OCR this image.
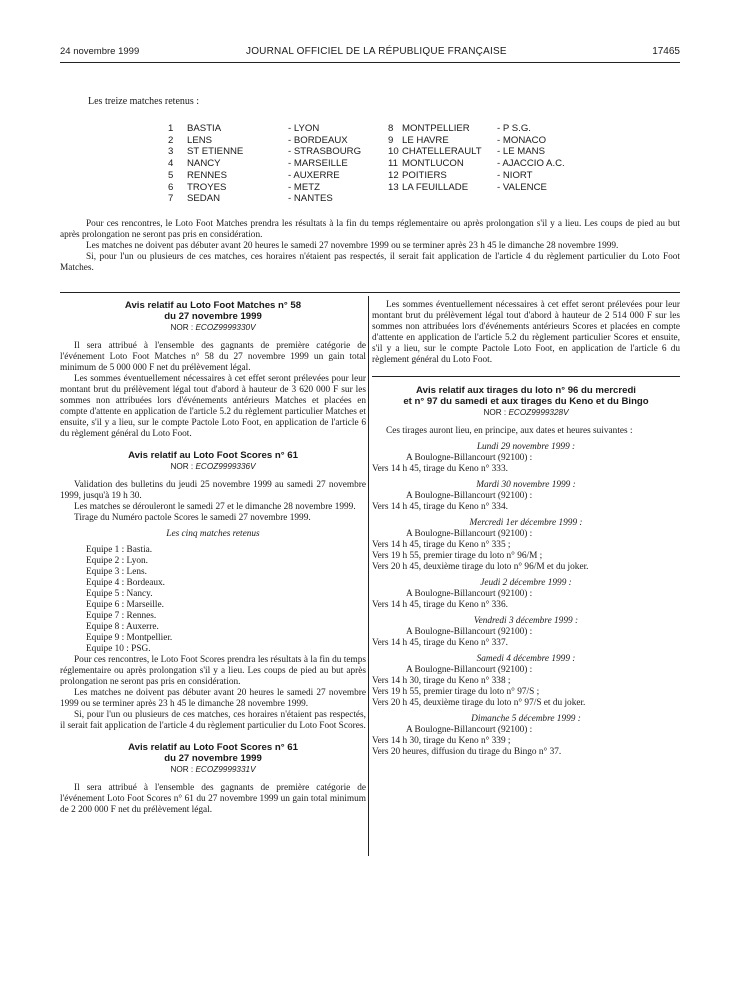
24 novembre 1999	JOURNAL OFFICIEL DE LA RÉPUBLIQUE FRANÇAISE	17465
Les treize matches retenus :
1
2
3
4
5
6
7
BASTIA
LENS
ST ETIENNE
NANCY
RENNES
TROYES
SEDAN
- LYON
- BORDEAUX
- STRASBOURG
- MARSEILLE
- AUXERRE
- METZ
- NANTES
8
9
10
11
12
13
MONTPELLIER
LE HAVRE
CHATELLERAULT
MONTLUCON
POITIERS
LA FEUILLADE
- P S.G.
- MONACO
- LE MANS
- AJACCIO A.C.
- NIORT
- VALENCE

Pour ces rencontres, le Loto Foot Matches prendra les résultats à la fin du temps réglementaire ou après prolongation s'il y a lieu. Les coups de pied au but après prolongation ne seront pas pris en considération.

Les matches ne doivent pas débuter avant 20 heures le samedi 27 novembre 1999 ou se terminer après 23 h 45 le dimanche 28 novembre 1999.

Si, pour l'un ou plusieurs de ces matches, ces horaires n'étaient pas respectés, il serait fait application de l'article 4 du règlement particulier du Loto Foot Matches.

Avis relatif au Loto Foot Matches n° 58
du 27 novembre 1999
NOR : ECOZ9999330V

Il sera attribué à l'ensemble des gagnants de première catégorie de l'événement Loto Foot Matches n° 58 du 27 novembre 1999 un gain total minimum de 5 000 000 F net du prélèvement légal.

Les sommes éventuellement nécessaires à cet effet seront prélevées pour leur montant brut du prélèvement légal tout d'abord à hauteur de 3 620 000 F sur les sommes non attribuées lors d'événements antérieurs Matches et placées en compte d'attente en application de l'article 5.2 du règlement particulier Matches et ensuite, s'il y a lieu, sur le compte Pactole Loto Foot, en application de l'article 6 du règlement général du Loto Foot.

Avis relatif au Loto Foot Scores n° 61
NOR : ECOZ9999336V

Validation des bulletins du jeudi 25 novembre 1999 au samedi 27 novembre 1999, jusqu'à 19 h 30.

Les matches se dérouleront le samedi 27 et le dimanche 28 novembre 1999.

Tirage du Numéro pactole Scores le samedi 27 novembre 1999.

Les cinq matches retenus
Equipe 1 : Bastia.
Equipe 2 : Lyon.
Equipe 3 : Lens.
Equipe 4 : Bordeaux.
Equipe 5 : Nancy.
Equipe 6 : Marseille.
Equipe 7 : Rennes.
Equipe 8 : Auxerre.
Equipe 9 : Montpellier.
Equipe 10 : PSG.

Pour ces rencontres, le Loto Foot Scores prendra les résultats à la fin du temps réglementaire ou après prolongation s'il y a lieu. Les coups de pied au but après prolongation ne seront pas pris en considération.

Les matches ne doivent pas débuter avant 20 heures le samedi 27 novembre 1999 ou se terminer après 23 h 45 le dimanche 28 novembre 1999.

Si, pour l'un ou plusieurs de ces matches, ces horaires n'étaient pas respectés, il serait fait application de l'article 4 du règlement particulier du Loto Foot Scores.

Avis relatif au Loto Foot Scores n° 61
du 27 novembre 1999
NOR : ECOZ9999331V

Il sera attribué à l'ensemble des gagnants de première catégorie de l'événement Loto Foot Scores n° 61 du 27 novembre 1999 un gain total minimum de 2 200 000 F net du prélèvement légal.

Les sommes éventuellement nécessaires à cet effet seront prélevées pour leur montant brut du prélèvement légal tout d'abord à hauteur de 2 514 000 F sur les sommes non attribuées lors d'événements antérieurs Scores et placées en compte d'attente en application de l'article 5.2 du règlement particulier Scores et ensuite, s'il y a lieu, sur le compte Pactole Loto Foot, en application de l'article 6 du règlement général du Loto Foot.

Avis relatif aux tirages du loto n° 96 du mercredi
et n° 97 du samedi et aux tirages du Keno et du Bingo
NOR : ECOZ9999328V

Ces tirages auront lieu, en principe, aux dates et heures suivantes :

Lundi 29 novembre 1999 :
A Boulogne-Billancourt (92100) :
Vers 14 h 45, tirage du Keno n° 333.
Mardi 30 novembre 1999 :
A Boulogne-Billancourt (92100) :
Vers 14 h 45, tirage du Keno n° 334.
Mercredi 1er décembre 1999 :
A Boulogne-Billancourt (92100) :
Vers 14 h 45, tirage du Keno n° 335 ;
Vers 19 h 55, premier tirage du loto n° 96/M ;
Vers 20 h 45, deuxième tirage du loto n° 96/M et du joker.
Jeudi 2 décembre 1999 :
A Boulogne-Billancourt (92100) :
Vers 14 h 45, tirage du Keno n° 336.
Vendredi 3 décembre 1999 :
A Boulogne-Billancourt (92100) :
Vers 14 h 45, tirage du Keno n° 337.
Samedi 4 décembre 1999 :
A Boulogne-Billancourt (92100) :
Vers 14 h 30, tirage du Keno n° 338 ;
Vers 19 h 55, premier tirage du loto n° 97/S ;
Vers 20 h 45, deuxième tirage du loto n° 97/S et du joker.
Dimanche 5 décembre 1999 :
A Boulogne-Billancourt (92100) :
Vers 14 h 30, tirage du Keno n° 339 ;
Vers 20 heures, diffusion du tirage du Bingo n° 37.
